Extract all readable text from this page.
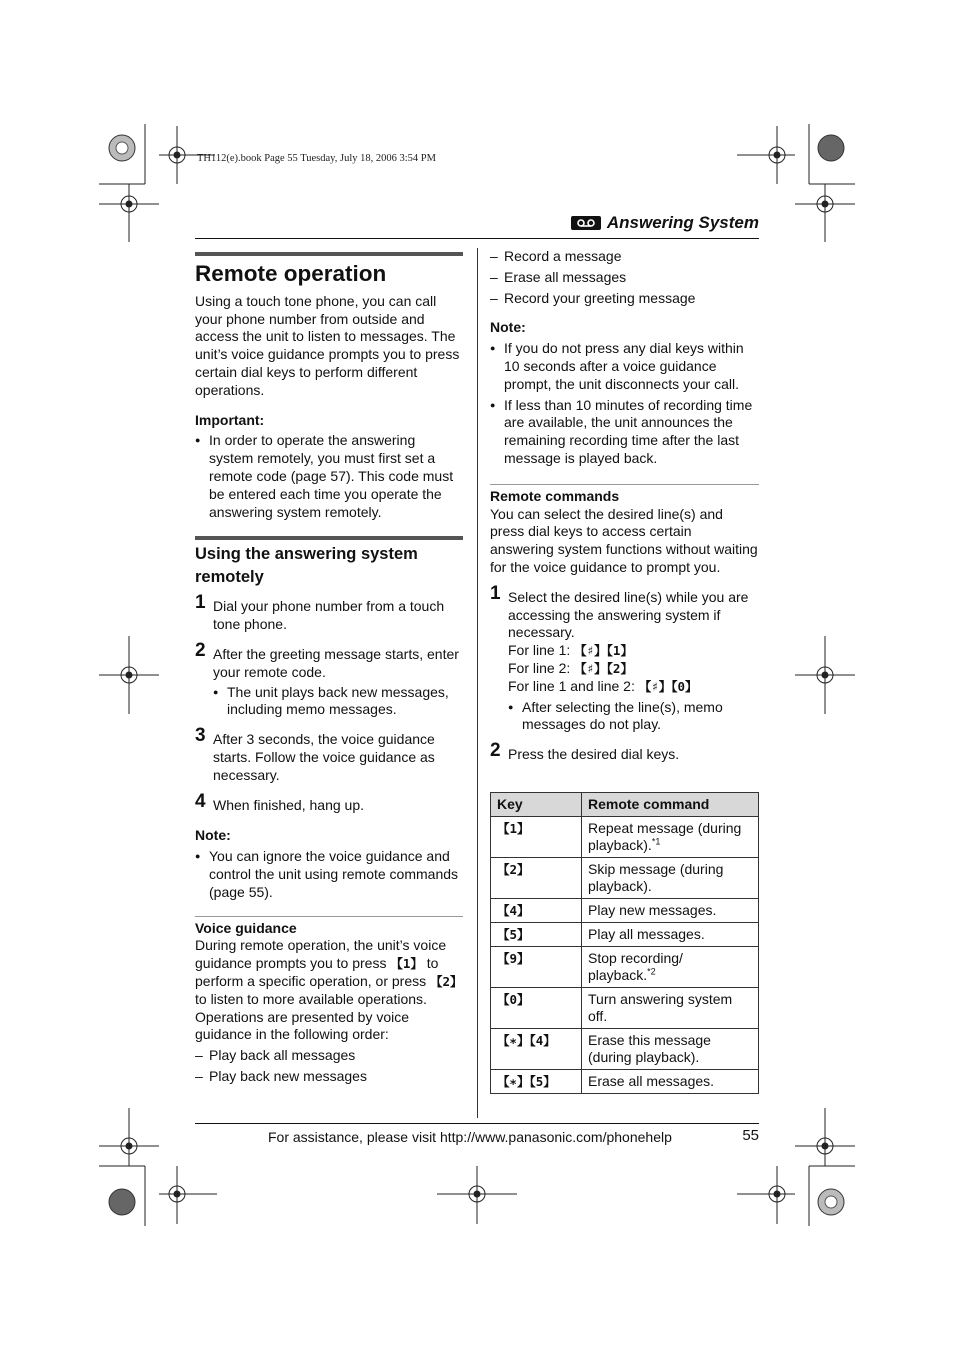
TH112(e).book Page 55 Tuesday, July 18, 2006 3:54 PM
Answering System
Remote operation

Using a touch tone phone, you can call your phone number from outside and access the unit to listen to messages. The unit’s voice guidance prompts you to press certain dial keys to perform different operations.

Important:

● In order to operate the answering system remotely, you must first set a remote code (page 57). This code must be entered each time you operate the answering system remotely.

Using the answering system remotely
1 Dial your phone number from a touch tone phone.

2 After the greeting message starts, enter your remote code.

● The unit plays back new messages, including memo messages.

3 After 3 seconds, the voice guidance starts. Follow the voice guidance as necessary.

4 When finished, hang up.

Note:

● You can ignore the voice guidance and control the unit using remote commands (page 55).

Voice guidance

During remote operation, the unit’s voice guidance prompts you to press 【1】 to perform a specific operation, or press 【2】 to listen to more available operations. Operations are presented by voice guidance in the following order:

– Play back all messages

– Play back new messages

– Record a message

– Erase all messages

– Record your greeting message

Note:

● If you do not press any dial keys within 10 seconds after a voice guidance prompt, the unit disconnects your call.

● If less than 10 minutes of recording time are available, the unit announces the remaining recording time after the last message is played back.

Remote commands

You can select the desired line(s) and press dial keys to access certain answering system functions without waiting for the voice guidance to prompt you.

1 Select the desired line(s) while you are accessing the answering system if necessary.

For line 1: 【♯】【1】

For line 2: 【♯】【2】

For line 1 and line 2: 【♯】【0】

● After selecting the line(s), memo messages do not play.

2 Press the desired dial keys.

Key	Remote command
【1】	Repeat message (during playback).$^{*1}$
【2】	Skip message (during playback).
【4】	Play new messages.
【5】	Play all messages.
【9】	Stop recording/ playback.$^{*2}$
【0】	Turn answering system off.
【∗】【4】	Erase this message (during playback).
【∗】【5】	Erase all messages.
For assistance, please visit http://www.panasonic.com/phonehelp	55
